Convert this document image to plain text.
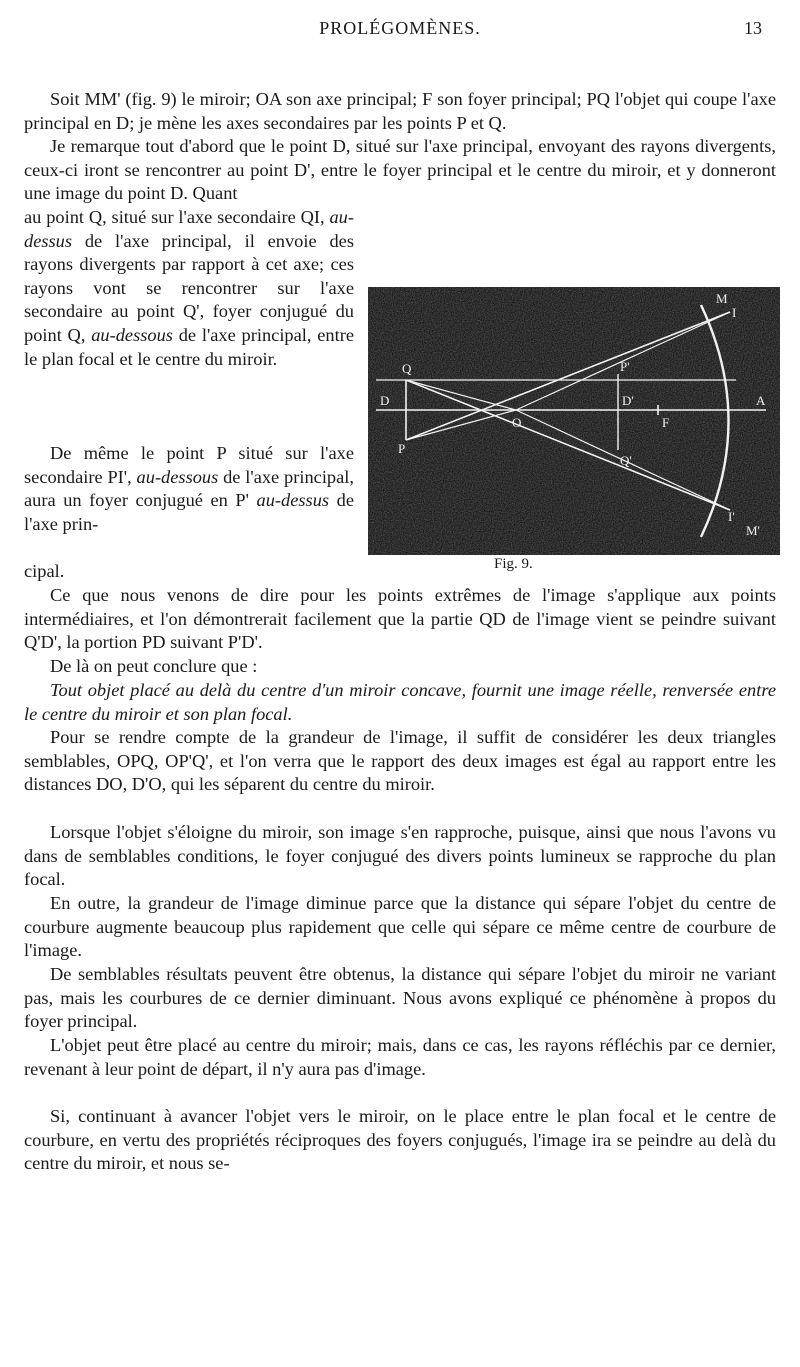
PROLÉGOMÈNES.	13

Soit MM' (fig. 9) le miroir; OA son axe principal; F son foyer principal; PQ l'objet qui coupe l'axe principal en D; je mène les axes secondaires par les points P et Q.

Je remarque tout d'abord que le point D, situé sur l'axe principal, envoyant des rayons divergents, ceux-ci iront se rencontrer au point D', entre le foyer principal et le centre du miroir, et y donneront une image du point D. Quant

au point Q, situé sur l'axe secondaire QI, au-dessus de l'axe principal, il envoie des rayons divergents par rapport à cet axe; ces rayons vont se rencontrer sur l'axe secondaire au point Q', foyer conjugué du point Q, au-dessous de l'axe principal, entre le plan focal et le centre du miroir.

De même le point P situé sur l'axe secondaire PI', au-dessous de l'axe principal, aura un foyer conjugué en P' au-dessus de l'axe prin-

cipal.

M
I
Q	P'
D	D'	A
O	F
Q'
P
I'
M'
Fig. 9.

Ce que nous venons de dire pour les points extrêmes de l'image s'applique aux points intermédiaires, et l'on démontrerait facilement que la partie QD de l'image vient se peindre suivant Q'D', la portion PD suivant P'D'.

De là on peut conclure que :

Tout objet placé au delà du centre d'un miroir concave, fournit une image réelle, renversée entre le centre du miroir et son plan focal.

Pour se rendre compte de la grandeur de l'image, il suffit de considérer les deux triangles semblables, OPQ, OP'Q', et l'on verra que le rapport des deux images est égal au rapport entre les distances DO, D'O, qui les séparent du centre du miroir.

Lorsque l'objet s'éloigne du miroir, son image s'en rapproche, puisque, ainsi que nous l'avons vu dans de semblables conditions, le foyer conjugué des divers points lumineux se rapproche du plan focal.

En outre, la grandeur de l'image diminue parce que la distance qui sépare l'objet du centre de courbure augmente beaucoup plus rapidement que celle qui sépare ce même centre de courbure de l'image.

De semblables résultats peuvent être obtenus, la distance qui sépare l'objet du miroir ne variant pas, mais les courbures de ce dernier diminuant. Nous avons expliqué ce phénomène à propos du foyer principal.

L'objet peut être placé au centre du miroir; mais, dans ce cas, les rayons réfléchis par ce dernier, revenant à leur point de départ, il n'y aura pas d'image.

Si, continuant à avancer l'objet vers le miroir, on le place entre le plan focal et le centre de courbure, en vertu des propriétés réciproques des foyers conjugués, l'image ira se peindre au delà du centre du miroir, et nous se-
